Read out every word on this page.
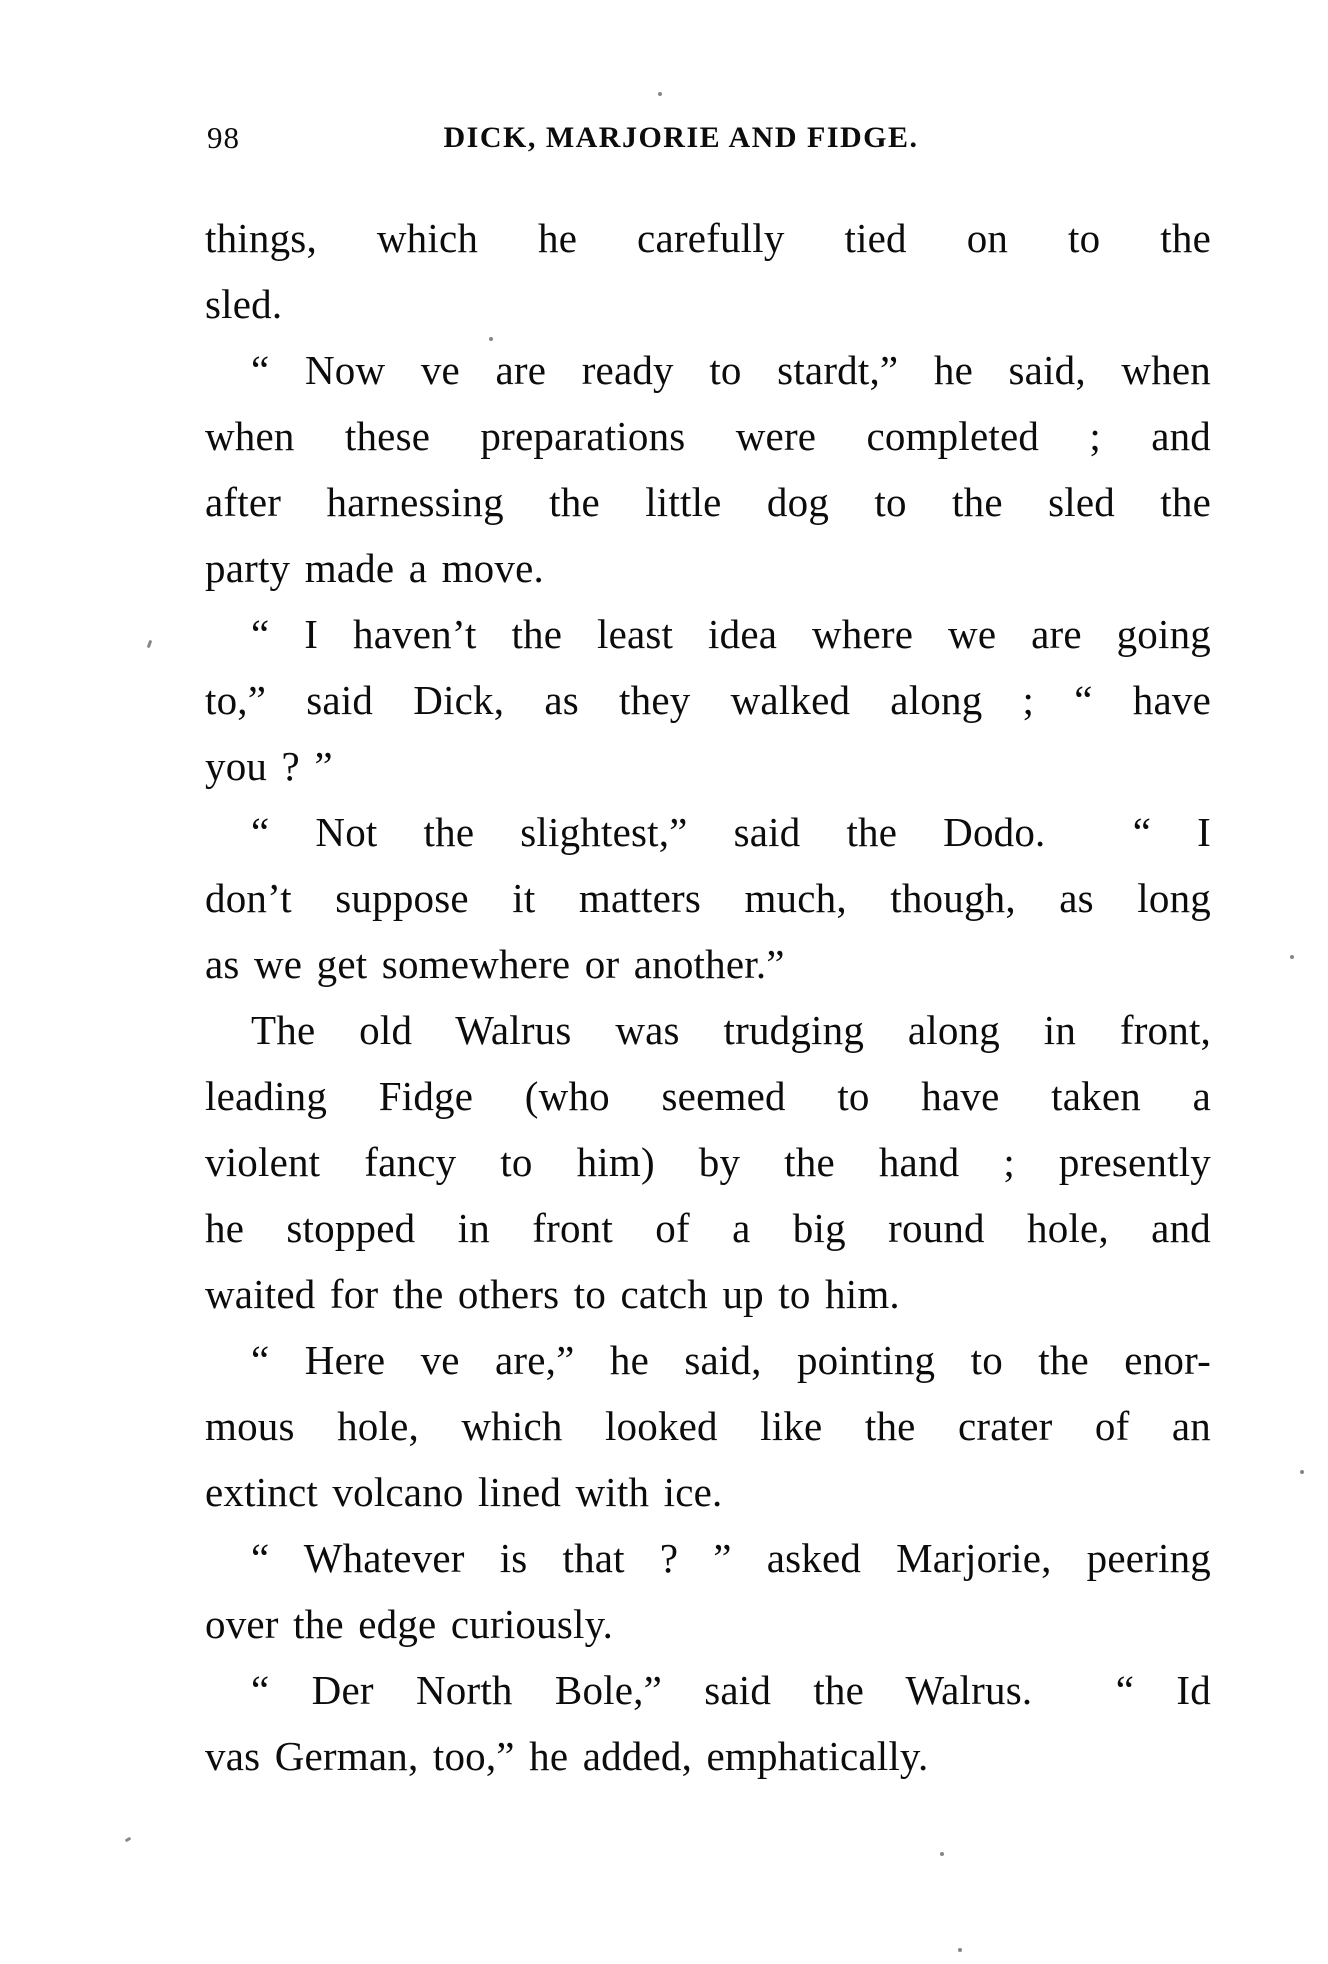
98	DICK, MARJORIE AND FIDGE.
things, which he carefully tied on to the
sled.
“ Now ve are ready to stardt,” he said, when
when these preparations were completed ; and
after harnessing the little dog to the sled the
party made a move.
“ I haven’t the least idea where we are going
to,” said Dick, as they walked along ; “ have
you ? ”
“ Not the slightest,” said the Dodo.  “ I
don’t suppose it matters much, though, as long
as we get somewhere or another.”
The old Walrus was trudging along in front,
leading Fidge (who seemed to have taken a
violent fancy to him) by the hand ; presently
he stopped in front of a big round hole, and
waited for the others to catch up to him.
“ Here ve are,” he said, pointing to the enor-
mous hole, which looked like the crater of an
extinct volcano lined with ice.
“ Whatever is that ? ” asked Marjorie, peering
over the edge curiously.
“ Der North Bole,” said the Walrus.  “ Id
vas German, too,” he added, emphatically.
